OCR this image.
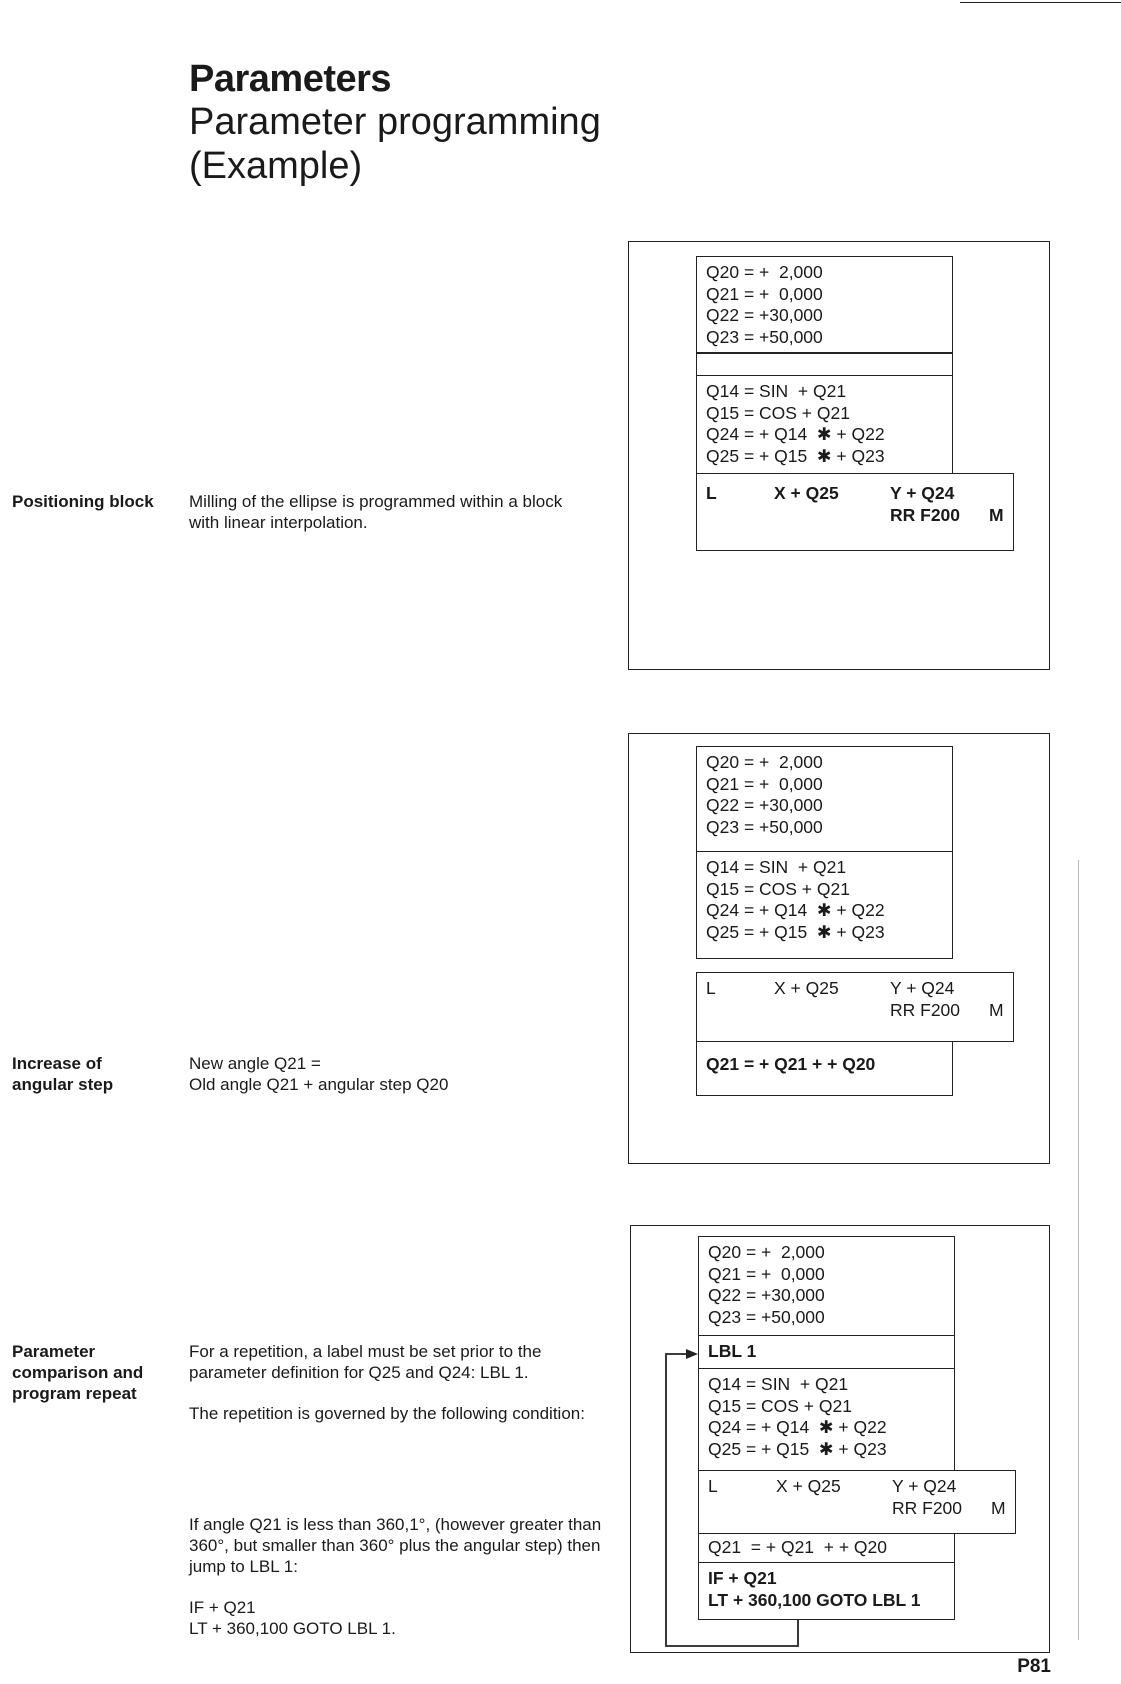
Parameters
Parameter programming
(Example)
Positioning block Milling of the ellipse is programmed within a block with linear interpolation.

Q20 = +  2,000
Q21 = +  0,000
Q22 = +30,000
Q23 = +50,000
Q14 = SIN  + Q21
Q15 = COS + Q21
Q24 = + Q14  ✱ + Q22
Q25 = + Q15  ✱ + Q23
L	X + Q25	Y + Q24
RR F200 M
Increase of
angular step
New angle Q21 =
Old angle Q21 + angular step Q20
Q20 = +  2,000
Q21 = +  0,000
Q22 = +30,000
Q23 = +50,000
Q14 = SIN  + Q21
Q15 = COS + Q21
Q24 = + Q14  ✱ + Q22
Q25 = + Q15  ✱ + Q23
L	X + Q25	Y + Q24
RR F200 M
Q21 = + Q21 + + Q20
Parameter
comparison and
program repeat

For a repetition, a label must be set prior to the parameter definition for Q25 and Q24: LBL 1.

The repetition is governed by the following condition:

If angle Q21 is less than 360,1°, (however greater than 360°, but smaller than 360° plus the angular step) then jump to LBL 1:

IF + Q21
LT + 360,100 GOTO LBL 1.
Q20 = +  2,000
Q21 = +  0,000
Q22 = +30,000
Q23 = +50,000
LBL 1
Q14 = SIN  + Q21
Q15 = COS + Q21
Q24 = + Q14  ✱ + Q22
Q25 = + Q15  ✱ + Q23
L	X + Q25	Y + Q24
RR F200 M
Q21  = + Q21  + + Q20
IF + Q21
LT + 360,100 GOTO LBL 1
P81
